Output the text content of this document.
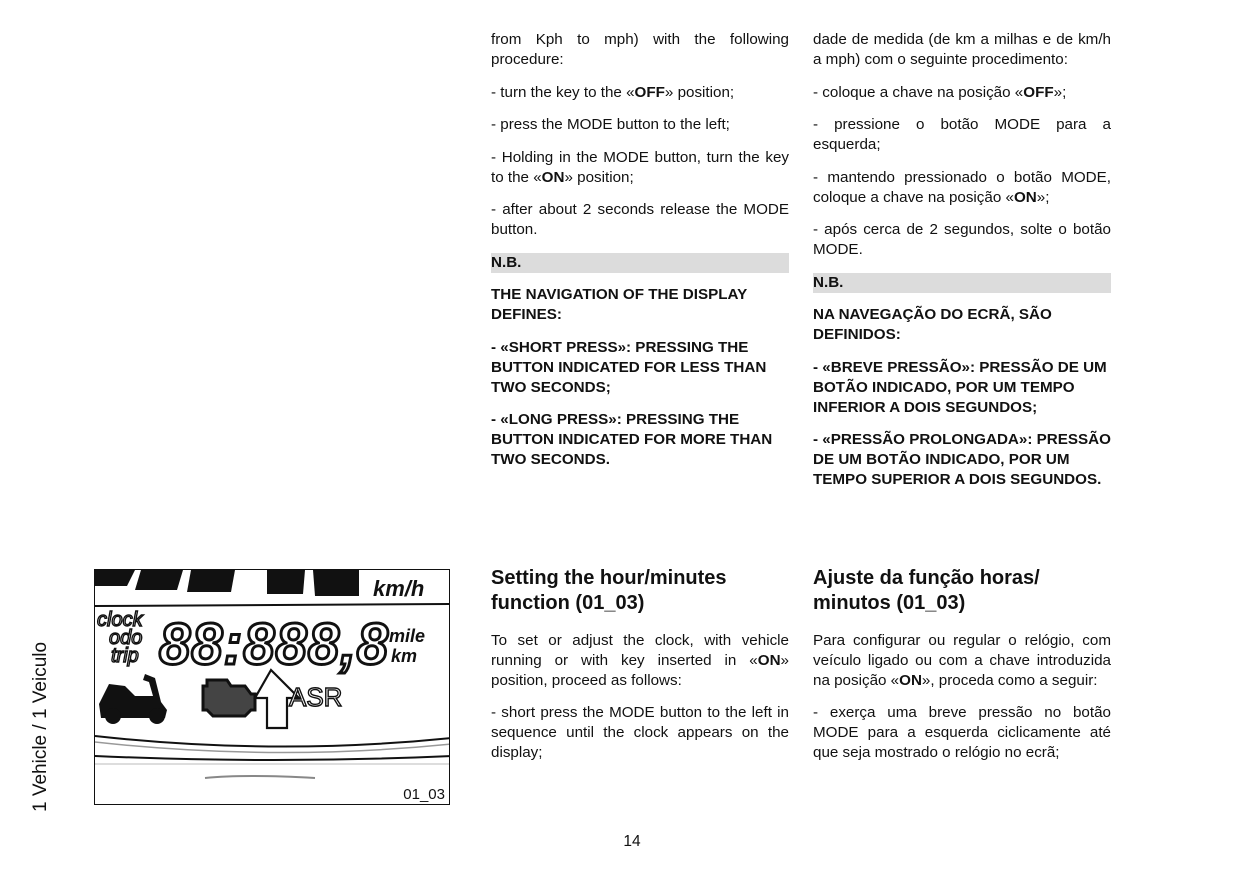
1 Vehicle / 1 Veiculo

from Kph to mph) with the following procedure:

- turn the key to the «OFF» position;

- press the MODE button to the left;

- Holding in the MODE button, turn the key to the «ON» position;

- after about 2 seconds release the MODE button.

N.B.

THE NAVIGATION OF THE DISPLAY DEFINES:

- «SHORT PRESS»: PRESSING THE BUTTON INDICATED FOR LESS THAN TWO SECONDS;

- «LONG PRESS»: PRESSING THE BUTTON INDICATED FOR MORE THAN TWO SECONDS.

dade de medida (de km a milhas e de km/h a mph) com o seguinte procedimento:

- coloque a chave na posição «OFF»;

- pressione o botão MODE para a esquerda;

- mantendo pressionado o botão MODE, coloque a chave na posição «ON»;

- após cerca de 2 segundos, solte o botão MODE.

N.B.

NA NAVEGAÇÃO DO ECRÃ, SÃO DEFINIDOS:

- «BREVE PRESSÃO»: PRESSÃO DE UM BOTÃO INDICADO, POR UM TEMPO INFERIOR A DOIS SEGUNDOS;

- «PRESSÃO PROLONGADA»: PRESSÃO DE UM BOTÃO INDICADO, POR UM TEMPO SUPERIOR A DOIS SEGUNDOS.

km/h
clock
odo
trip 88:888,8 mile
km
ASR
01_03
Setting the hour/minutes function (01_03)

To set or adjust the clock, with vehicle running or with key inserted in «ON» position, proceed as follows:

- short press the MODE button to the left in sequence until the clock appears on the display;

Ajuste da função horas/ minutos (01_03)

Para configurar ou regular o relógio, com veículo ligado ou com a chave introduzida na posição «ON», proceda como a seguir:

- exerça uma breve pressão no botão MODE para a esquerda ciclicamente até que seja mostrado o relógio no ecrã;

14
